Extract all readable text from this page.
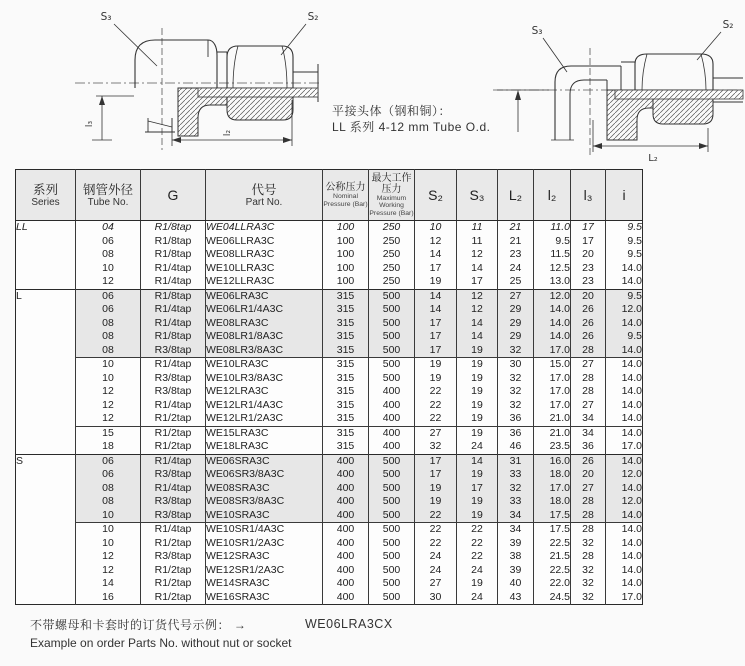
l₃
l₂
S₃	S₂
L₂
S₃	S₂
平接头体（钢和铜）：
LL 系列 4-12 mm Tube O.d.
系列
Series

钢管外径
Tube No.	G	代号
Part No.

公称压力
Nominal
Pressure (Bar)

最大工作压力
Maximum Working
Pressure (Bar)

S₂	S₃	L₂	l₂	l₃	i

LL	04	R1/8tap	WE04LLRA3C	100	250	10	11	21	11.0	17	9.5
	06	R1/8tap	WE06LLRA3C	100	250	12	11	21	9.5	17	9.5
	08	R1/8tap	WE08LLRA3C	100	250	14	12	23	11.5	20	9.5
	10	R1/4tap	WE10LLRA3C	100	250	17	14	24	12.5	23	14.0
	12	R1/4tap	WE12LLRA3C	100	250	19	17	25	13.0	23	14.0
L	06	R1/8tap	WE06LRA3C	315	500	14	12	27	12.0	20	9.5
	06	R1/4tap	WE06LR1/4A3C	315	500	14	12	29	14.0	26	12.0
	08	R1/4tap	WE08LRA3C	315	500	17	14	29	14.0	26	14.0
	08	R1/8tap	WE08LR1/8A3C	315	500	17	14	29	14.0	26	9.5
	08	R3/8tap	WE08LR3/8A3C	315	500	17	19	32	17.0	28	14.0
	10	R1/4tap	WE10LRA3C	315	500	19	19	30	15.0	27	14.0
	10	R3/8tap	WE10LR3/8A3C	315	500	19	19	32	17.0	28	14.0
	12	R3/8tap	WE12LRA3C	315	400	22	19	32	17.0	28	14.0
	12	R1/4tap	WE12LR1/4A3C	315	400	22	19	32	17.0	27	14.0
	12	R1/2tap	WE12LR1/2A3C	315	400	22	19	36	21.0	34	14.0
	15	R1/2tap	WE15LRA3C	315	400	27	19	36	21.0	34	14.0
	18	R1/2tap	WE18LRA3C	315	400	32	24	46	23.5	36	17.0
S	06	R1/4tap	WE06SRA3C	400	500	17	14	31	16.0	26	14.0
	06	R3/8tap	WE06SR3/8A3C	400	500	17	19	33	18.0	20	12.0
	08	R1/4tap	WE08SRA3C	400	500	19	17	32	17.0	27	14.0
	08	R3/8tap	WE08SR3/8A3C	400	500	19	19	33	18.0	28	12.0
	10	R3/8tap	WE10SRA3C	400	500	22	19	34	17.5	28	14.0
	10	R1/4tap	WE10SR1/4A3C	400	500	22	22	34	17.5	28	14.0
	10	R1/2tap	WE10SR1/2A3C	400	500	22	22	39	22.5	32	14.0
	12	R3/8tap	WE12SRA3C	400	500	24	22	38	21.5	28	14.0
	12	R1/2tap	WE12SR1/2A3C	400	500	24	24	39	22.5	32	14.0
	14	R1/2tap	WE14SRA3C	400	500	27	19	40	22.0	32	14.0
	16	R1/2tap	WE16SRA3C	400	500	30	24	43	24.5	32	17.0
不带螺母和卡套时的订货代号示例： →	WE06LRA3CX
Example on order Parts No. without nut or socket
